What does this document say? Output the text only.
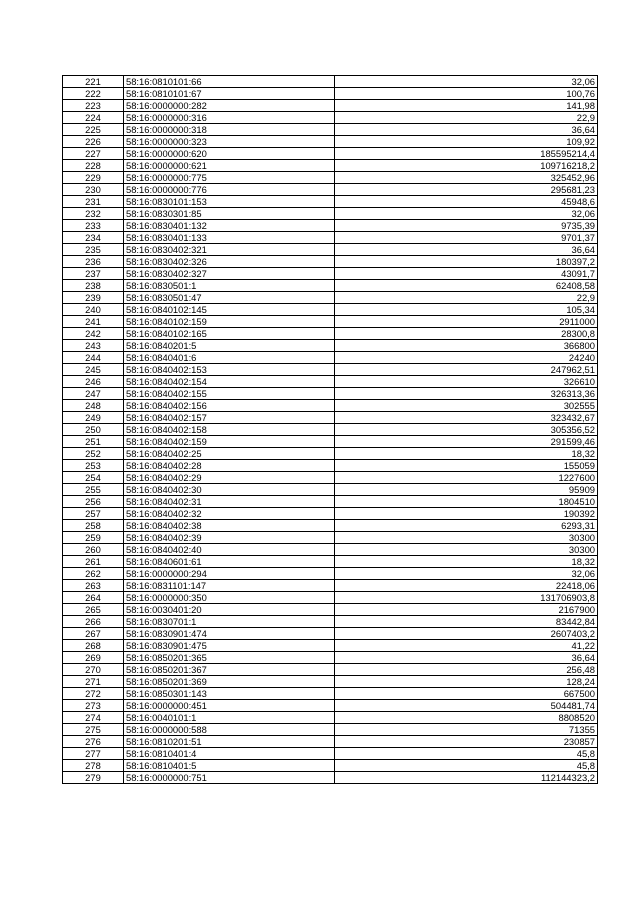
221	58:16:0810101:66	32,06
222	58:16:0810101:67	100,76
223	58:16:0000000:282	141,98
224	58:16:0000000:316	22,9
225	58:16:0000000:318	36,64
226	58:16:0000000:323	109,92
227	58:16:0000000:620	185595214,4
228	58:16:0000000:621	109716218,2
229	58:16:0000000:775	325452,96
230	58:16:0000000:776	295681,23
231	58:16:0830101:153	45948,6
232	58:16:0830301:85	32,06
233	58:16:0830401:132	9735,39
234	58:16:0830401:133	9701,37
235	58:16:0830402:321	36,64
236	58:16:0830402:326	180397,2
237	58:16:0830402:327	43091,7
238	58:16:0830501:1	62408,58
239	58:16:0830501:47	22,9
240	58:16:0840102:145	105,34
241	58:16:0840102:159	2911000
242	58:16:0840102:165	28300,8
243	58:16:0840201:5	366800
244	58:16:0840401:6	24240
245	58:16:0840402:153	247962,51
246	58:16:0840402:154	326610
247	58:16:0840402:155	326313,36
248	58:16:0840402:156	302555
249	58:16:0840402:157	323432,67
250	58:16:0840402:158	305356,52
251	58:16:0840402:159	291599,46
252	58:16:0840402:25	18,32
253	58:16:0840402:28	155059
254	58:16:0840402:29	1227600
255	58:16:0840402:30	95909
256	58:16:0840402:31	1804510
257	58:16:0840402:32	190392
258	58:16:0840402:38	6293,31
259	58:16:0840402:39	30300
260	58:16:0840402:40	30300
261	58:16:0840601:61	18,32
262	58:16:0000000:294	32,06
263	58:16:0831101:147	22418,06
264	58:16:0000000:350	131706903,8
265	58:16:0030401:20	2167900
266	58:16:0830701:1	83442,84
267	58:16:0830901:474	2607403,2
268	58:16:0830901:475	41,22
269	58:16:0850201:365	36,64
270	58:16:0850201:367	256,48
271	58:16:0850201:369	128,24
272	58:16:0850301:143	667500
273	58:16:0000000:451	504481,74
274	58:16:0040101:1	8808520
275	58:16:0000000:588	71355
276	58:16:0810201:51	230857
277	58:16:0810401:4	45,8
278	58:16:0810401:5	45,8
279	58:16:0000000:751	112144323,2
